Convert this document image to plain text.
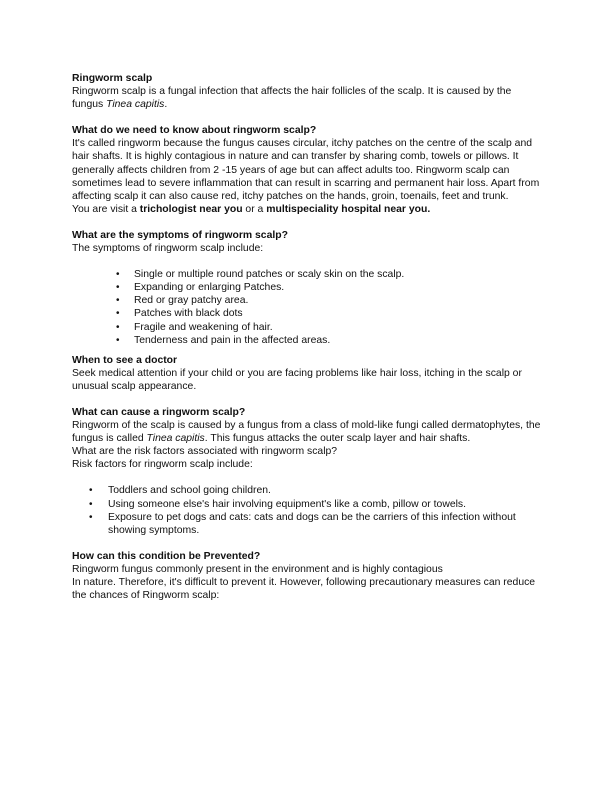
Ringworm scalp

Ringworm scalp is a fungal infection that affects the hair follicles of the scalp. It is caused by the fungus Tinea capitis.

What do we need to know about ringworm scalp?

It's called ringworm because the fungus causes circular, itchy patches on the centre of the scalp and hair shafts. It is highly contagious in nature and can transfer by sharing comb, towels or pillows. It generally affects children from 2 -15 years of age but can affect adults too. Ringworm scalp can sometimes lead to severe inflammation that can result in scarring and permanent hair loss. Apart from affecting scalp it can also cause red, itchy patches on the hands, groin, toenails, feet and trunk.

You are visit a trichologist near you or a multispeciality hospital near you.

What are the symptoms of ringworm scalp?

The symptoms of ringworm scalp include:

• Single or multiple round patches or scaly skin on the scalp.
• Expanding or enlarging Patches.
• Red or gray patchy area.
• Patches with black dots
• Fragile and weakening of hair.
• Tenderness and pain in the affected areas.
When to see a doctor

Seek medical attention if your child or you are facing problems like hair loss, itching in the scalp or unusual scalp appearance.

What can cause a ringworm scalp?

Ringworm of the scalp is caused by a fungus from a class of mold-like fungi called dermatophytes, the fungus is called Tinea capitis. This fungus attacks the outer scalp layer and hair shafts.

What are the risk factors associated with ringworm scalp?

Risk factors for ringworm scalp include:

• Toddlers and school going children.
• Using someone else's hair involving equipment's like a comb, pillow or towels.
• Exposure to pet dogs and cats: cats and dogs can be the carriers of this infection without showing symptoms.
How can this condition be Prevented?

Ringworm fungus commonly present in the environment and is highly contagious

In nature. Therefore, it's difficult to prevent it. However, following precautionary measures can reduce the chances of Ringworm scalp:
